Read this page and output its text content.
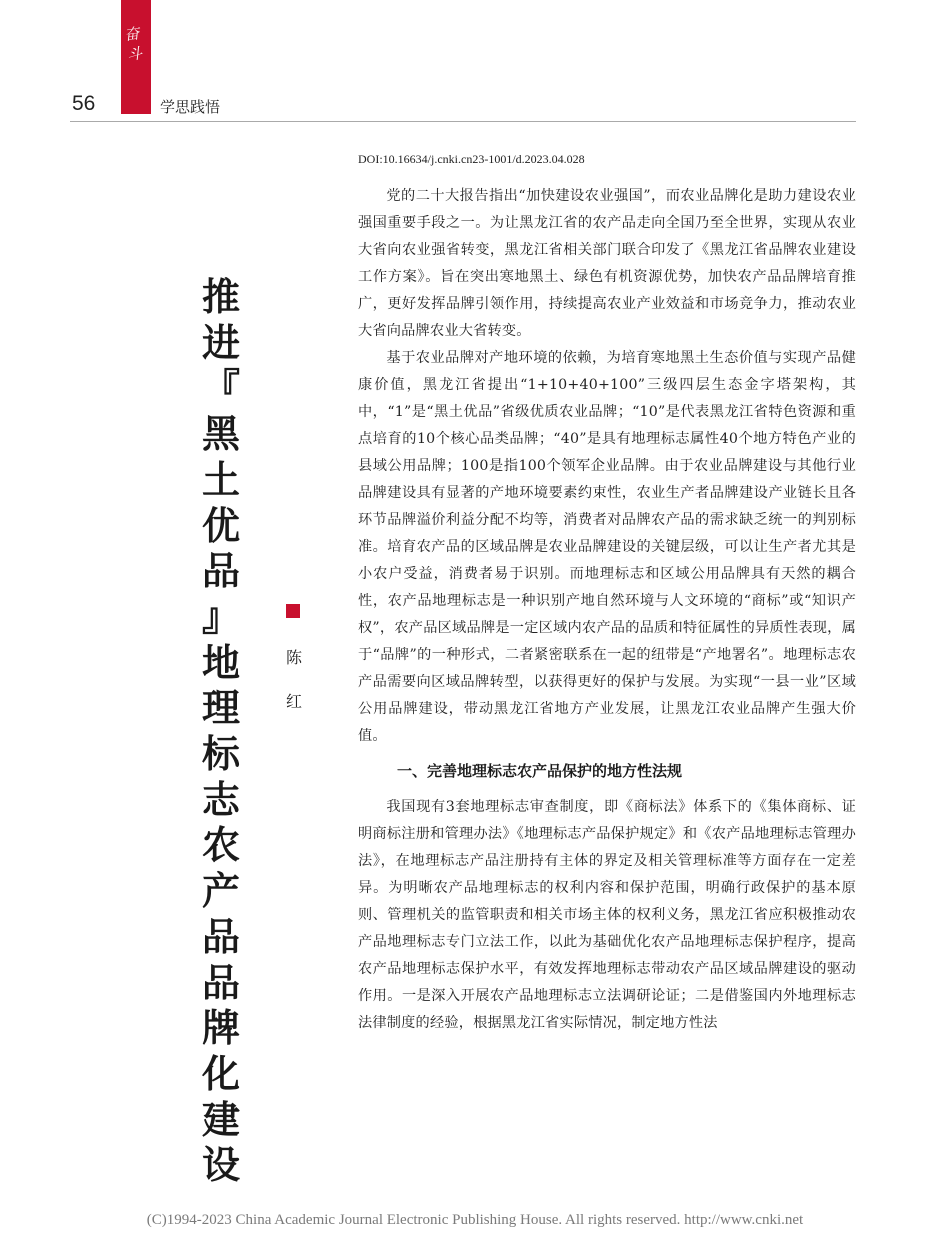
奋
斗
56	学思践悟
DOI:10.16634/j.cnki.cn23-1001/d.2023.04.028
推
进
『
黑
土
优
品
』
地
理
标
志
农
产
品
品
牌
化
建
设
陈
红

党的二十大报告指出“加快建设农业强国”，而农业品牌化是助力建设农业强国重要手段之一。为让黑龙江省的农产品走向全国乃至全世界，实现从农业大省向农业强省转变，黑龙江省相关部门联合印发了《黑龙江省品牌农业建设工作方案》。旨在突出寒地黑土、绿色有机资源优势，加快农产品品牌培育推广，更好发挥品牌引领作用，持续提高农业产业效益和市场竞争力，推动农业大省向品牌农业大省转变。

基于农业品牌对产地环境的依赖，为培育寒地黑土生态价值与实现产品健康价值，黑龙江省提出“1+10+40+100”三级四层生态金字塔架构，其中，“1”是“黑土优品”省级优质农业品牌；“10”是代表黑龙江省特色资源和重点培育的10个核心品类品牌；“40”是具有地理标志属性40个地方特色产业的县域公用品牌；100是指100个领军企业品牌。由于农业品牌建设与其他行业品牌建设具有显著的产地环境要素约束性，农业生产者品牌建设产业链长且各环节品牌溢价利益分配不均等，消费者对品牌农产品的需求缺乏统一的判别标准。培育农产品的区域品牌是农业品牌建设的关键层级，可以让生产者尤其是小农户受益，消费者易于识别。而地理标志和区域公用品牌具有天然的耦合性，农产品地理标志是一种识别产地自然环境与人文环境的“商标”或“知识产权”，农产品区域品牌是一定区域内农产品的品质和特征属性的异质性表现，属于“品牌”的一种形式，二者紧密联系在一起的纽带是“产地署名”。地理标志农产品需要向区域品牌转型，以获得更好的保护与发展。为实现“一县一业”区域公用品牌建设，带动黑龙江省地方产业发展，让黑龙江农业品牌产生强大价值。

一、完善地理标志农产品保护的地方性法规

我国现有3套地理标志审查制度，即《商标法》体系下的《集体商标、证明商标注册和管理办法》《地理标志产品保护规定》和《农产品地理标志管理办法》，在地理标志产品注册持有主体的界定及相关管理标准等方面存在一定差异。为明晰农产品地理标志的权利内容和保护范围，明确行政保护的基本原则、管理机关的监管职责和相关市场主体的权利义务，黑龙江省应积极推动农产品地理标志专门立法工作，以此为基础优化农产品地理标志保护程序，提高农产品地理标志保护水平，有效发挥地理标志带动农产品区域品牌建设的驱动作用。一是深入开展农产品地理标志立法调研论证；二是借鉴国内外地理标志法律制度的经验，根据黑龙江省实际情况，制定地方性法

(C)1994-2023 China Academic Journal Electronic Publishing House. All rights reserved. http://www.cnki.net
